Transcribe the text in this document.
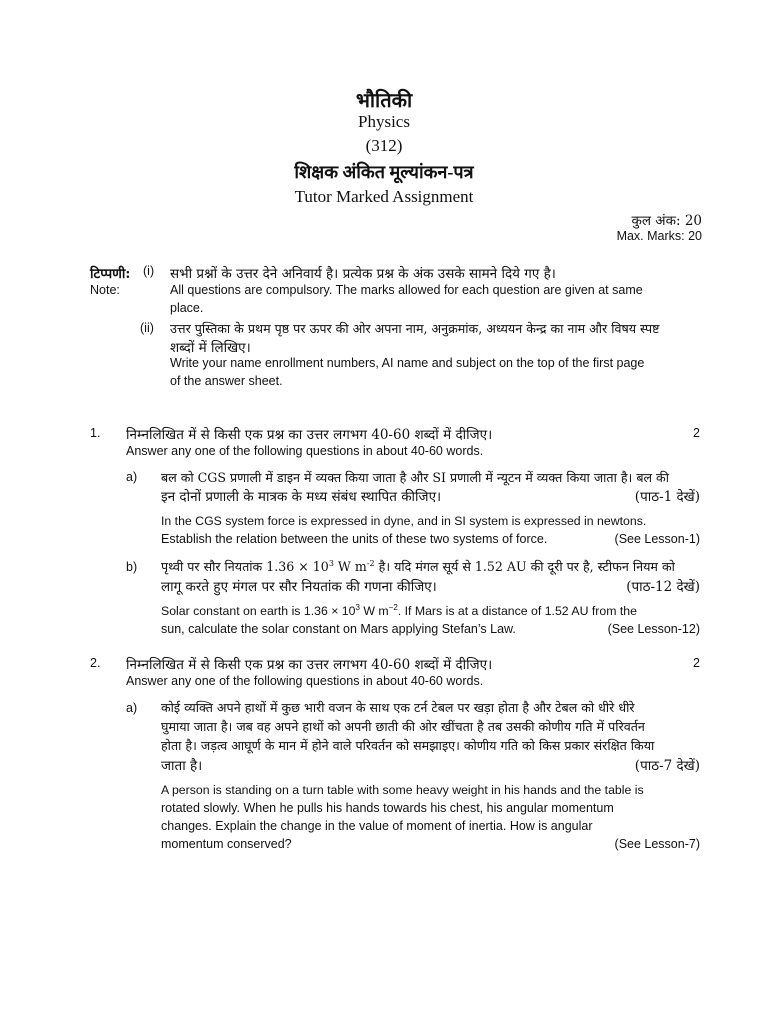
भौतिकी
Physics
(312)
शिक्षक अंकित मूल्यांकन-पत्र
Tutor Marked Assignment
कुल अंक: 20
Max. Marks: 20
टिप्पणी: (i) सभी प्रश्नों के उत्तर देने अनिवार्य है। प्रत्येक प्रश्न के अंक उसके सामने दिये गए है।
Note:	All questions are compulsory. The marks allowed for each question are given at same
place.
(ii) उत्तर पुस्तिका के प्रथम पृष्ठ पर ऊपर की ओर अपना नाम, अनुक्रमांक, अध्ययन केन्द्र का नाम और विषय स्पष्ट
शब्दों में लिखिए।
Write your name enrollment numbers, AI name and subject on the top of the first page
of the answer sheet.
1. निम्नलिखित में से किसी एक प्रश्न का उत्तर लगभग 40-60 शब्दों में दीजिए।	2
Answer any one of the following questions in about 40-60 words.
a) बल को CGS प्रणाली में डाइन में व्यक्त किया जाता है और SI प्रणाली में न्यूटन में व्यक्त किया जाता है। बल की
इन दोनों प्रणाली के मात्रक के मध्य संबंध स्थापित कीजिए।	(पाठ-1 देखें)
In the CGS system force is expressed in dyne, and in SI system is expressed in newtons.
Establish the relation between the units of these two systems of force.	(See Lesson-1)
b) पृथ्वी पर सौर नियतांक $1.36 \times 10^3$ W $m^{-2}$ है। यदि मंगल सूर्य से 1.52 AU की दूरी पर है, स्टीफन नियम को
लागू करते हुए मंगल पर सौर नियतांक की गणना कीजिए।	(पाठ-12 देखें)
Solar constant on earth is $1.36 \times 10^3$ W $m^{-2}$. If Mars is at a distance of 1.52 AU from the
sun, calculate the solar constant on Mars applying Stefan’s Law.	(See Lesson-12)
2. निम्नलिखित में से किसी एक प्रश्न का उत्तर लगभग 40-60 शब्दों में दीजिए।	2
Answer any one of the following questions in about 40-60 words.
a) कोई व्यक्ति अपने हाथों में कुछ भारी वजन के साथ एक टर्न टेबल पर खड़ा होता है और टेबल को धीरे धीरे
घुमाया जाता है। जब वह अपने हाथों को अपनी छाती की ओर खींचता है तब उसकी कोणीय गति में परिवर्तन
होता है। जड़त्व आघूर्ण के मान में होने वाले परिवर्तन को समझाइए। कोणीय गति को किस प्रकार संरक्षित किया
जाता है।	(पाठ-7 देखें)
A person is standing on a turn table with some heavy weight in his hands and the table is
rotated slowly. When he pulls his hands towards his chest, his angular momentum
changes. Explain the change in the value of moment of inertia. How is angular
momentum conserved?	(See Lesson-7)
